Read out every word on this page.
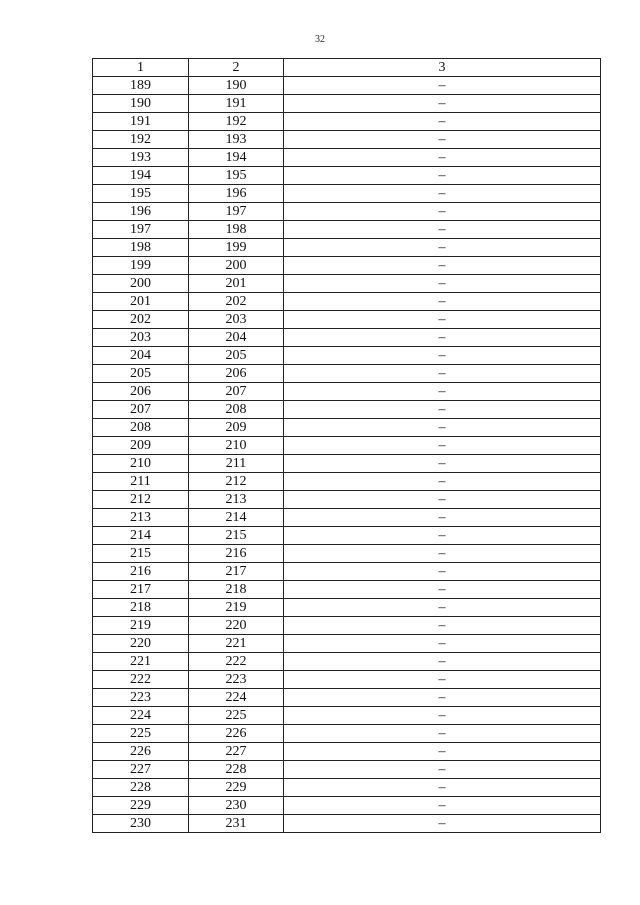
32
1	2	3
189	190	–
190	191	–
191	192	–
192	193	–
193	194	–
194	195	–
195	196	–
196	197	–
197	198	–
198	199	–
199	200	–
200	201	–
201	202	–
202	203	–
203	204	–
204	205	–
205	206	–
206	207	–
207	208	–
208	209	–
209	210	–
210	211	–
211	212	–
212	213	–
213	214	–
214	215	–
215	216	–
216	217	–
217	218	–
218	219	–
219	220	–
220	221	–
221	222	–
222	223	–
223	224	–
224	225	–
225	226	–
226	227	–
227	228	–
228	229	–
229	230	–
230	231	–
